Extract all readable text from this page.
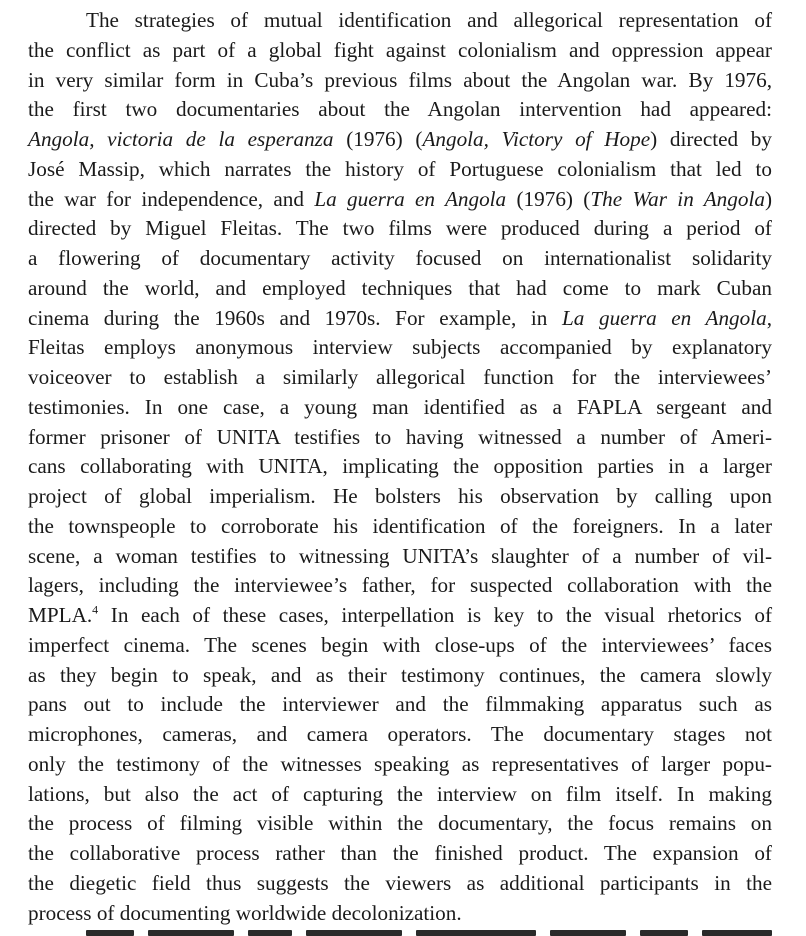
The strategies of mutual identification and allegorical representation of
the conflict as part of a global fight against colonialism and oppression appear
in very similar form in Cuba’s previous films about the Angolan war. By 1976,
the first two documentaries about the Angolan intervention had appeared:
Angola, victoria de la esperanza (1976) (Angola, Victory of Hope) directed by
José Massip, which narrates the history of Portuguese colonialism that led to
the war for independence, and La guerra en Angola (1976) (The War in Angola)
directed by Miguel Fleitas. The two films were produced during a period of
a flowering of documentary activity focused on internationalist solidarity
around the world, and employed techniques that had come to mark Cuban
cinema during the 1960s and 1970s. For example, in La guerra en Angola,
Fleitas employs anonymous interview subjects accompanied by explanatory
voiceover to establish a similarly allegorical function for the interviewees’
testimonies. In one case, a young man identified as a FAPLA sergeant and
former prisoner of UNITA testifies to having witnessed a number of Ameri-
cans collaborating with UNITA, implicating the opposition parties in a larger
project of global imperialism. He bolsters his observation by calling upon
the townspeople to corroborate his identification of the foreigners. In a later
scene, a woman testifies to witnessing UNITA’s slaughter of a number of vil-
lagers, including the interviewee’s father, for suspected collaboration with the
MPLA.$^4$ In each of these cases, interpellation is key to the visual rhetorics of
imperfect cinema. The scenes begin with close-ups of the interviewees’ faces
as they begin to speak, and as their testimony continues, the camera slowly
pans out to include the interviewer and the filmmaking apparatus such as
microphones, cameras, and camera operators. The documentary stages not
only the testimony of the witnesses speaking as representatives of larger popu-
lations, but also the act of capturing the interview on film itself. In making
the process of filming visible within the documentary, the focus remains on
the collaborative process rather than the finished product. The expansion of
the diegetic field thus suggests the viewers as additional participants in the
process of documenting worldwide decolonization.
